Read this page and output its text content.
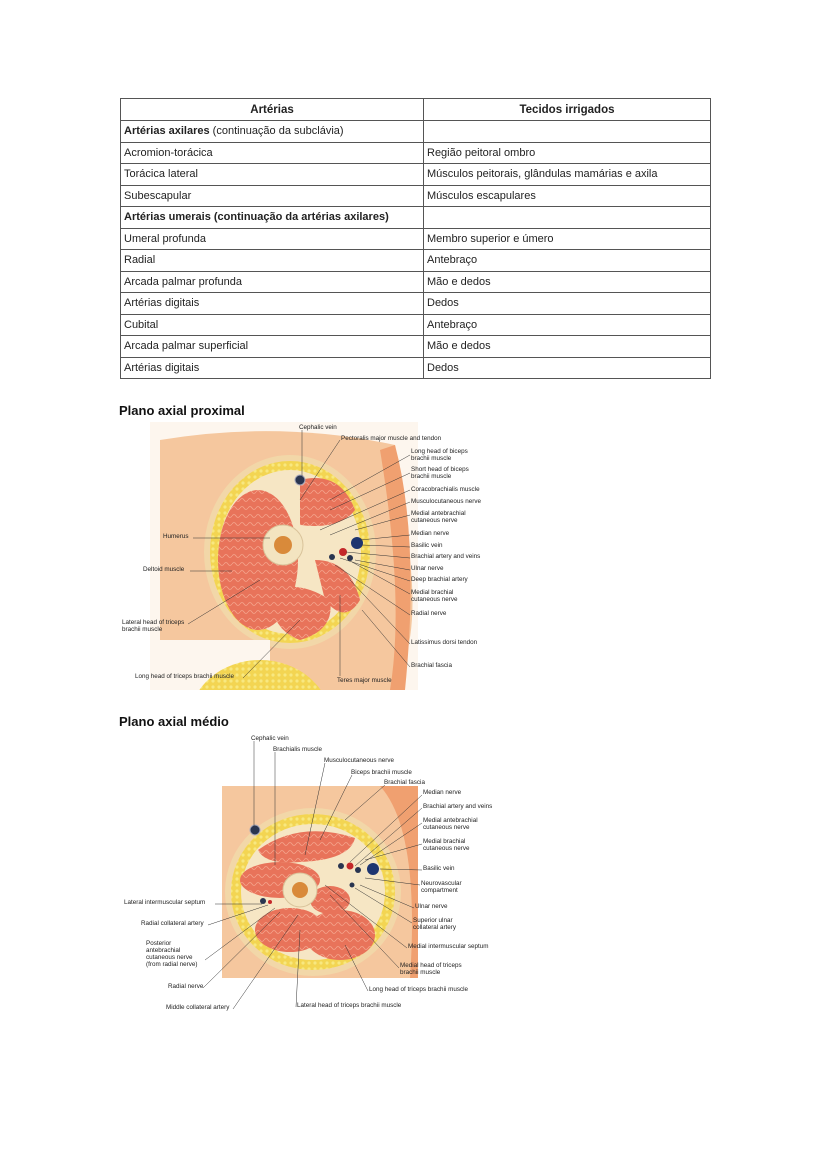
Artérias	Tecidos irrigados
Artérias axilares (continuação da subclávia)	
Acromion-torácica	Região peitoral ombro
Torácica lateral	Músculos peitorais, glândulas mamárias e axila
Subescapular	Músculos escapulares
Artérias umerais (continuação da artérias axilares)	
Umeral profunda	Membro superior e úmero
Radial	Antebraço
Arcada palmar profunda	Mão e dedos
Artérias digitais	Dedos
Cubital	Antebraço
Arcada palmar superficial	Mão e dedos
Artérias digitais	Dedos
Plano axial proximal
Plano axial médio
Cephalic vein
Pectoralis major muscle and tendon
Long head of biceps brachii muscle
Short head of biceps brachii muscle
Coracobrachialis muscle
Musculocutaneous nerve
Medial antebrachial cutaneous nerve
Median nerve
Basilic vein
Brachial artery and veins
Ulnar nerve
Deep brachial artery
Medial brachial cutaneous nerve
Radial nerve
Latissimus dorsi tendon
Brachial fascia
Humerus
Deltoid muscle
Lateral head of triceps brachii muscle
Long head of triceps brachii muscle
Teres major muscle
Cephalic vein
Brachialis muscle
Musculocutaneous nerve
Biceps brachii muscle
Brachial fascia
Median nerve
Brachial artery and veins
Medial antebrachial cutaneous nerve
Medial brachial cutaneous nerve
Basilic vein
Neurovascular compartment
Ulnar nerve
Superior ulnar collateral artery
Medial intermuscular septum
Medial head of triceps brachii muscle
Long head of triceps brachii muscle
Lateral head of triceps brachii muscle
Lateral intermuscular septum
Radial collateral artery
Posterior antebrachial cutaneous nerve (from radial nerve)
Radial nerve
Middle collateral artery
